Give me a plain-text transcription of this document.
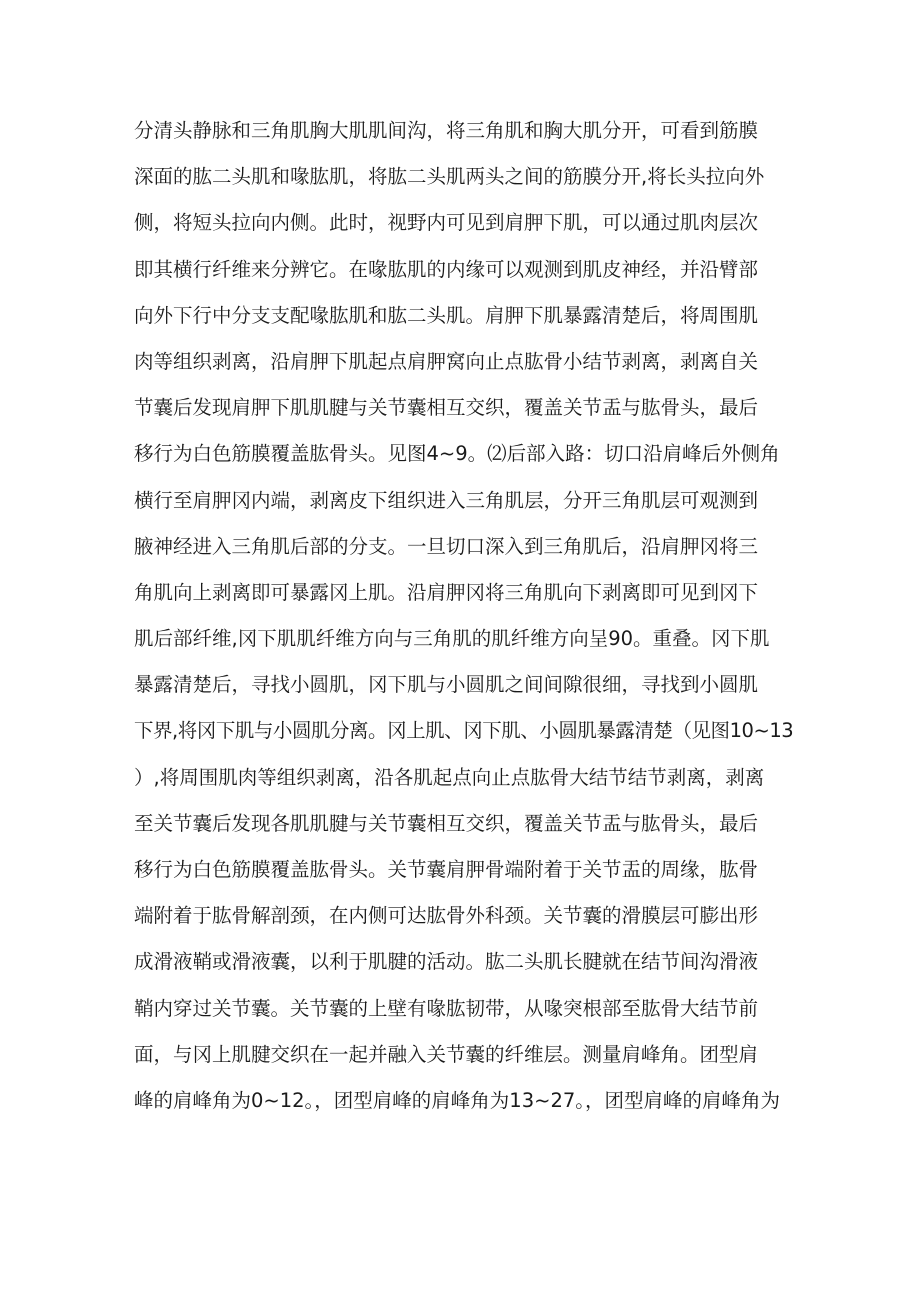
分清头静脉和三角肌胸大肌肌间沟，将三角肌和胸大肌分开，可看到筋膜
深面的肱二头肌和喙肱肌，将肱二头肌两头之间的筋膜分开,将长头拉向外
侧，将短头拉向内侧。此时，视野内可见到肩胛下肌，可以通过肌肉层次
即其横行纤维来分辨它。在喙肱肌的内缘可以观测到肌皮神经，并沿臂部
向外下行中分支支配喙肱肌和肱二头肌。肩胛下肌暴露清楚后，将周围肌
肉等组织剥离，沿肩胛下肌起点肩胛窝向止点肱骨小结节剥离，剥离自关
节囊后发现肩胛下肌肌腱与关节囊相互交织，覆盖关节盂与肱骨头，最后
移行为白色筋膜覆盖肱骨头。见图4~9。⑵后部入路：切口沿肩峰后外侧角
横行至肩胛冈内端，剥离皮下组织进入三角肌层，分开三角肌层可观测到
腋神经进入三角肌后部的分支。一旦切口深入到三角肌后，沿肩胛冈将三
角肌向上剥离即可暴露冈上肌。沿肩胛冈将三角肌向下剥离即可见到冈下
肌后部纤维,冈下肌肌纤维方向与三角肌的肌纤维方向呈90。重叠。冈下肌
暴露清楚后，寻找小圆肌，冈下肌与小圆肌之间间隙很细，寻找到小圆肌
下界,将冈下肌与小圆肌分离。冈上肌、冈下肌、小圆肌暴露清楚（见图10~13
）,将周围肌肉等组织剥离，沿各肌起点向止点肱骨大结节结节剥离，剥离
至关节囊后发现各肌肌腱与关节囊相互交织，覆盖关节盂与肱骨头，最后
移行为白色筋膜覆盖肱骨头。关节囊肩胛骨端附着于关节盂的周缘，肱骨
端附着于肱骨解剖颈，在内侧可达肱骨外科颈。关节囊的滑膜层可膨出形
成滑液鞘或滑液囊，以利于肌腱的活动。肱二头肌长腱就在结节间沟滑液
鞘内穿过关节囊。关节囊的上壁有喙肱韧带，从喙突根部至肱骨大结节前
面，与冈上肌腱交织在一起并融入关节囊的纤维层。测量肩峰角。团型肩
峰的肩峰角为0~12。，团型肩峰的肩峰角为13~27。，团型肩峰的肩峰角为
